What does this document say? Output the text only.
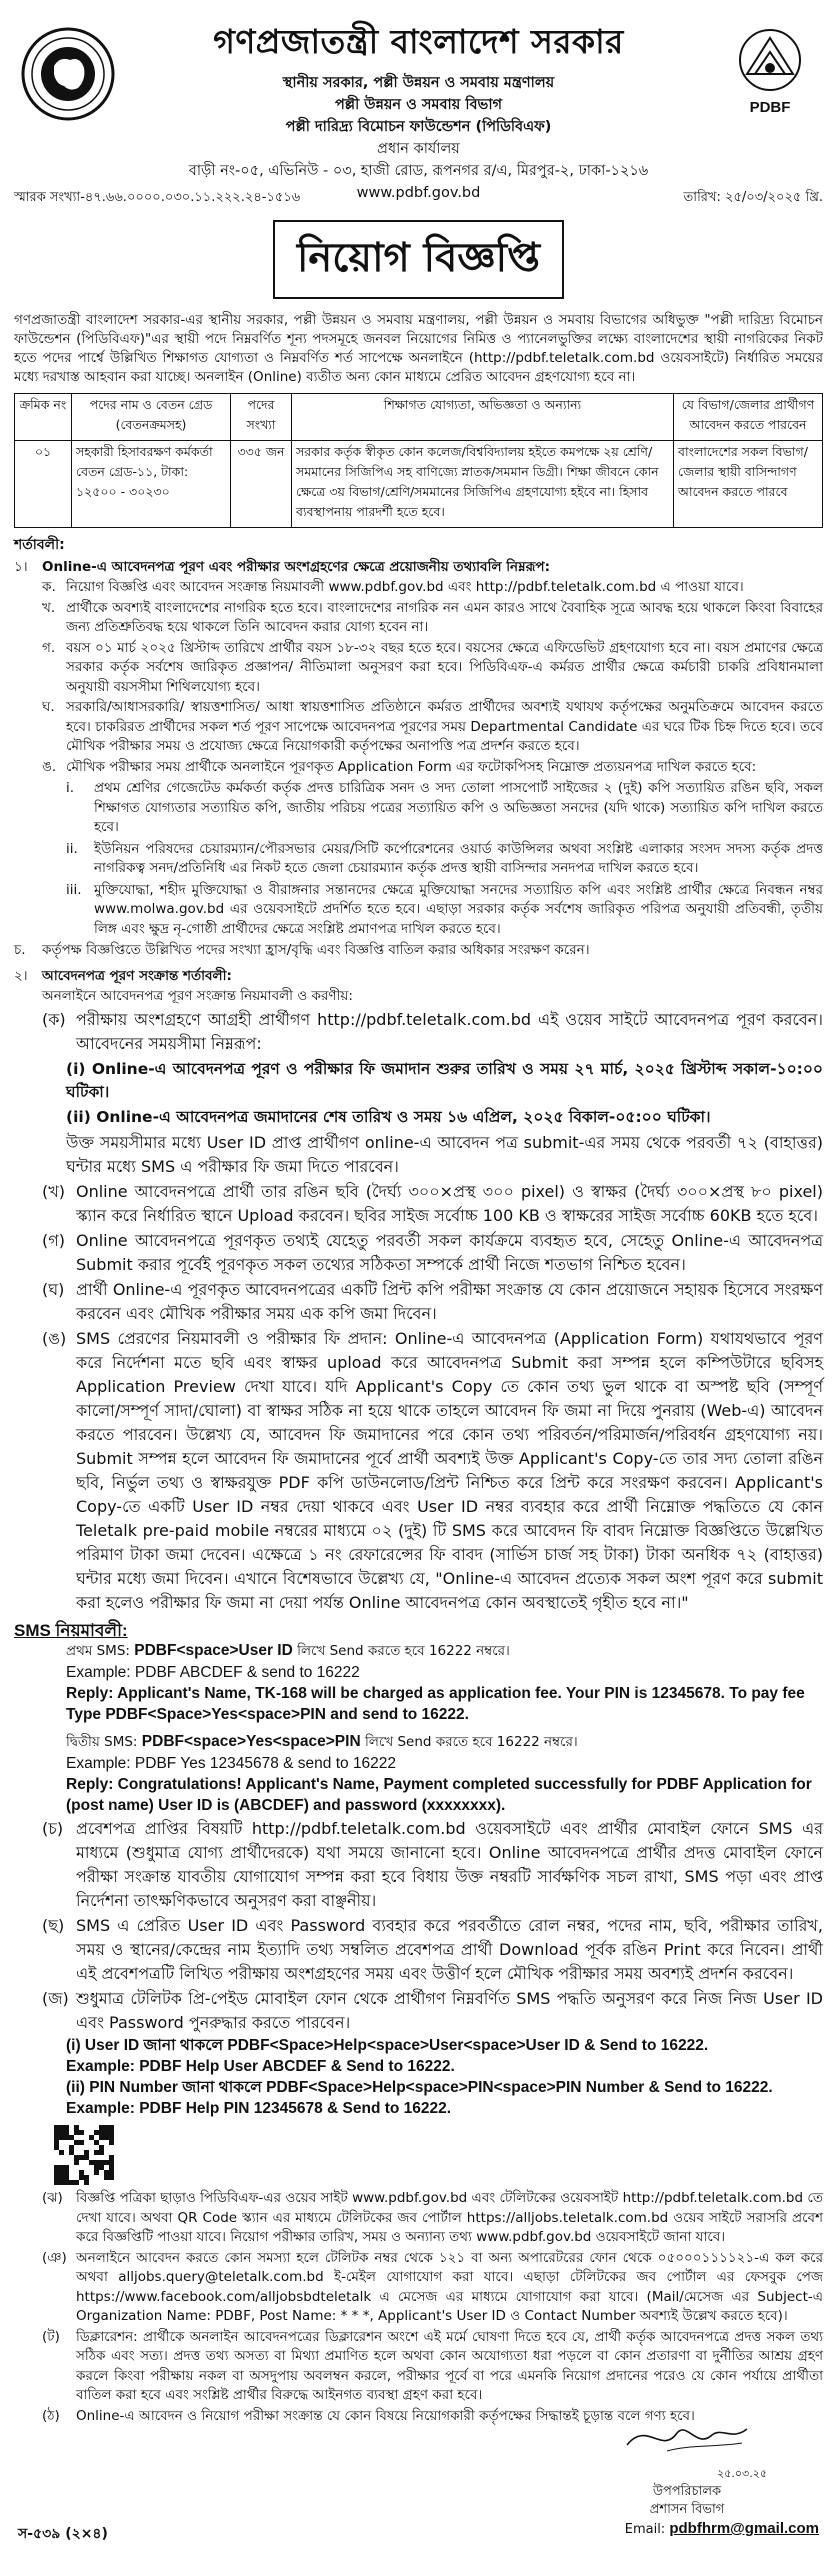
গণপ্রজাতন্ত্রী বাংলাদেশ সরকার
স্থানীয় সরকার, পল্লী উন্নয়ন ও সমবায় মন্ত্রণালয়
পল্লী উন্নয়ন ও সমবায় বিভাগ
পল্লী দারিদ্র্য বিমোচন ফাউন্ডেশন (পিডিবিএফ)
প্রধান কার্যালয়
বাড়ী নং-০৫, এভিনিউ - ০৩, হাজী রোড, রূপনগর র/এ, মিরপুর-২, ঢাকা-১২১৬
www.pdbf.gov.bd
PDBF
স্মারক সংখ্যা-৪৭.৬৬.০০০০.০৩০.১১.২২২.২৪-১৫১৬	তারিখ: ২৫/০৩/২০২৫ খ্রি.
নিয়োগ বিজ্ঞপ্তি
গণপ্রজাতন্ত্রী বাংলাদেশ সরকার-এর স্থানীয় সরকার, পল্লী উন্নয়ন ও সমবায় মন্ত্রণালয়, পল্লী উন্নয়ন ও সমবায় বিভাগের অধিভুক্ত "পল্লী দারিদ্র্য বিমোচন ফাউন্ডেশন (পিডিবিএফ)"এর স্থায়ী পদে নিম্নবর্ণিত শূন্য পদসমূহে জনবল নিয়োগের নিমিত্ত ও প্যানেলভুক্তির লক্ষ্যে বাংলাদেশের স্থায়ী নাগরিকের নিকট হতে পদের পার্শ্বে উল্লিখিত শিক্ষাগত যোগ্যতা ও নিম্নবর্ণিত শর্ত সাপেক্ষে অনলাইনে (http://pdbf.teletalk.com.bd ওয়েবসাইটে) নির্ধারিত সময়ের মধ্যে দরখাস্ত আহবান করা যাচ্ছে। অনলাইন (Online) ব্যতীত অন্য কোন মাধ্যমে প্রেরিত আবেদন গ্রহণযোগ্য হবে না।
ক্রমিক নং	পদের নাম ও বেতন গ্রেড (বেতনক্রমসহ)	পদের সংখ্যা	শিক্ষাগত যোগ্যতা, অভিজ্ঞতা ও অন্যান্য	যে বিভাগ/জেলার প্রার্থীগণ আবেদন করতে পারবেন
০১	সহকারী হিসাবরক্ষণ কর্মকর্তা বেতন গ্রেড-১১, টাকা: ১২৫০০ - ৩০২৩০	৩৩৫ জন	সরকার কর্তৃক স্বীকৃত কোন কলেজ/বিশ্ববিদ্যালয় হইতে কমপক্ষে ২য় শ্রেণি/সমমানের সিজিপিএ সহ বাণিজ্যে স্নাতক/সমমান ডিগ্রী। শিক্ষা জীবনে কোন ক্ষেত্রে ৩য় বিভাগ/শ্রেণি/সমমানের সিজিপিএ গ্রহণযোগ্য হইবে না। হিসাব ব্যবস্থাপনায় পারদর্শী হতে হবে।	বাংলাদেশের সকল বিভাগ/জেলার স্থায়ী বাসিন্দাগণ আবেদন করতে পারবে
শর্তাবলী:
১।	Online-এ আবেদনপত্র পূরণ এবং পরীক্ষার অংশগ্রহণের ক্ষেত্রে প্রয়োজনীয় তথ্যাবলি নিম্নরূপ:
ক. নিয়োগ বিজ্ঞপ্তি এবং আবেদন সংক্রান্ত নিয়মাবলী www.pdbf.gov.bd এবং http://pdbf.teletalk.com.bd এ পাওয়া যাবে।
খ. প্রার্থীকে অবশ্যই বাংলাদেশের নাগরিক হতে হবে। বাংলাদেশের নাগরিক নন এমন কারও সাথে বৈবাহিক সূত্রে আবদ্ধ হয়ে থাকলে কিংবা বিবাহের জন্য প্রতিশ্রুতিবদ্ধ হয়ে থাকলে তিনি আবেদন করার যোগ্য হবেন না।
গ. বয়স ০১ মার্চ ২০২৫ খ্রিস্টাব্দ তারিখে প্রার্থীর বয়স ১৮-৩২ বছর হতে হবে। বয়সের ক্ষেত্রে এফিডেভিট গ্রহণযোগ্য হবে না। বয়স প্রমাণের ক্ষেত্রে সরকার কর্তৃক সর্বশেষ জারিকৃত প্রজ্ঞাপন/ নীতিমালা অনুসরণ করা হবে। পিডিবিএফ-এ কর্মরত প্রার্থীর ক্ষেত্রে কর্মচারী চাকরি প্রবিধানমালা অনুযায়ী বয়সসীমা শিথিলযোগ্য হবে।
ঘ. সরকারি/আধাসরকারি/ স্বায়ত্তশাসিত/ আধা স্বায়ত্তশাসিত প্রতিষ্ঠানে কর্মরত প্রার্থীদের অবশ্যই যথাযথ কর্তৃপক্ষের অনুমতিক্রমে আবেদন করতে হবে। চাকরিরত প্রার্থীদের সকল শর্ত পূরণ সাপেক্ষে আবেদনপত্র পূরণের সময় Departmental Candidate এর ঘরে টিক চিহ্ন দিতে হবে। তবে মৌখিক পরীক্ষার সময় ও প্রযোজ্য ক্ষেত্রে নিয়োগকারী কর্তৃপক্ষের অনাপত্তি পত্র প্রদর্শন করতে হবে।
ঙ. মৌখিক পরীক্ষার সময় প্রার্থীকে অনলাইনে পূরণকৃত Application Form এর ফটোকপিসহ নিম্নোক্ত প্রত্যয়নপত্র দাখিল করতে হবে:
i.	প্রথম শ্রেণির গেজেটেড কর্মকর্তা কর্তৃক প্রদত্ত চারিত্রিক সনদ ও সদ্য তোলা পাসপোর্ট সাইজের ২ (দুই) কপি সত্যায়িত রঙিন ছবি, সকল শিক্ষাগত যোগ্যতার সত্যায়িত কপি, জাতীয় পরিচয় পত্রের সত্যায়িত কপি ও অভিজ্ঞতা সনদের (যদি থাকে) সত্যায়িত কপি দাখিল করতে হবে।
ii.	ইউনিয়ন পরিষদের চেয়ারম্যান/পৌরসভার মেয়র/সিটি কর্পোরেশনের ওয়ার্ড কাউন্সিলর অথবা সংশ্লিষ্ট এলাকার সংসদ সদস্য কর্তৃক প্রদত্ত নাগরিকত্ব সনদ/প্রতিনিধি এর নিকট হতে জেলা চেয়ারম্যান কর্তৃক প্রদত্ত স্থায়ী বাসিন্দার সনদপত্র দাখিল করতে হবে।
iii. মুক্তিযোদ্ধা, শহীদ মুক্তিযোদ্ধা ও বীরাঙ্গনার সন্তানদের ক্ষেত্রে মুক্তিযোদ্ধা সনদের সত্যায়িত কপি এবং সংশ্লিষ্ট প্রার্থীর ক্ষেত্রে নিবন্ধন নম্বর www.molwa.gov.bd এর ওয়েবসাইটে প্রদর্শিত হতে হবে। এছাড়া সরকার কর্তৃক সর্বশেষ জারিকৃত পরিপত্র অনুযায়ী প্রতিবন্ধী, তৃতীয় লিঙ্গ এবং ক্ষুদ্র নৃ-গোষ্ঠী প্রার্থীদের ক্ষেত্রে সংশ্লিষ্ট প্রমাণপত্র দাখিল করতে হবে।
চ.	কর্তৃপক্ষ বিজ্ঞপ্তিতে উল্লিখিত পদের সংখ্যা হ্রাস/বৃদ্ধি এবং বিজ্ঞপ্তি বাতিল করার অধিকার সংরক্ষণ করেন।
২।	আবেদনপত্র পূরণ সংক্রান্ত শর্তাবলী:
অনলাইনে আবেদনপত্র পূরণ সংক্রান্ত নিয়মাবলী ও করণীয়:
(ক) পরীক্ষায় অংশগ্রহণে আগ্রহী প্রার্থীগণ http://pdbf.teletalk.com.bd এই ওয়েব সাইটে আবেদনপত্র পূরণ করবেন। আবেদনের সময়সীমা নিম্নরূপ:
(i) Online-এ আবেদনপত্র পূরণ ও পরীক্ষার ফি জমাদান শুরুর তারিখ ও সময় ২৭ মার্চ, ২০২৫ খ্রিস্টাব্দ সকাল-১০:০০ ঘটিকা।
(ii) Online-এ আবেদনপত্র জমাদানের শেষ তারিখ ও সময় ১৬ এপ্রিল, ২০২৫ বিকাল-০৫:০০ ঘটিকা।
উক্ত সময়সীমার মধ্যে User ID প্রাপ্ত প্রার্থীগণ online-এ আবেদন পত্র submit-এর সময় থেকে পরবর্তী ৭২ (বাহাত্তর) ঘন্টার মধ্যে SMS এ পরীক্ষার ফি জমা দিতে পারবেন।
(খ) Online আবেদনপত্রে প্রার্থী তার রঙিন ছবি (দৈর্ঘ্য ৩০০×প্রস্থ ৩০০ pixel) ও স্বাক্ষর (দৈর্ঘ্য ৩০০×প্রস্থ ৮০ pixel) স্ক্যান করে নির্ধারিত স্থানে Upload করবেন। ছবির সাইজ সর্বোচ্চ 100 KB ও স্বাক্ষরের সাইজ সর্বোচ্চ 60KB হতে হবে।
(গ) Online আবেদনপত্রে পূরণকৃত তথ্যই যেহেতু পরবর্তী সকল কার্যক্রমে ব্যবহৃত হবে, সেহেতু Online-এ আবেদনপত্র Submit করার পূর্বেই পূরণকৃত সকল তথ্যের সঠিকতা সম্পর্কে প্রার্থী নিজে শতভাগ নিশ্চিত হবেন।
(ঘ) প্রার্থী Online-এ পূরণকৃত আবেদনপত্রের একটি প্রিন্ট কপি পরীক্ষা সংক্রান্ত যে কোন প্রয়োজনে সহায়ক হিসেবে সংরক্ষণ করবেন এবং মৌখিক পরীক্ষার সময় এক কপি জমা দিবেন।
(ঙ) SMS প্রেরণের নিয়মাবলী ও পরীক্ষার ফি প্রদান: Online-এ আবেদনপত্র (Application Form) যথাযথভাবে পূরণ করে নির্দেশনা মতে ছবি এবং স্বাক্ষর upload করে আবেদনপত্র Submit করা সম্পন্ন হলে কম্পিউটারে ছবিসহ Application Preview দেখা যাবে। যদি Applicant's Copy তে কোন তথ্য ভুল থাকে বা অস্পষ্ট ছবি (সম্পূর্ণ কালো/সম্পূর্ণ সাদা/ঘোলা) বা স্বাক্ষর সঠিক না হয়ে থাকে তাহলে আবেদন ফি জমা না দিয়ে পুনরায় (Web-এ) আবেদন করতে পারবেন। উল্লেখ্য যে, আবেদন ফি জমাদানের পরে কোন তথ্য পরিবর্তন/পরিমার্জন/পরিবর্ধন গ্রহণযোগ্য নয়। Submit সম্পন্ন হলে আবেদন ফি জমাদানের পূর্বে প্রার্থী অবশ্যই উক্ত Applicant's Copy-তে তার সদ্য তোলা রঙিন ছবি, নির্ভুল তথ্য ও স্বাক্ষরযুক্ত PDF কপি ডাউনলোড/প্রিন্ট নিশ্চিত করে প্রিন্ট করে সংরক্ষণ করবেন। Applicant's Copy-তে একটি User ID নম্বর দেয়া থাকবে এবং User ID নম্বর ব্যবহার করে প্রার্থী নিম্নোক্ত পদ্ধতিতে যে কোন Teletalk pre-paid mobile নম্বরের মাধ্যমে ০২ (দুই) টি SMS করে আবেদন ফি বাবদ নিম্নোক্ত বিজ্ঞপ্তিতে উল্লেখিত পরিমাণ টাকা জমা দেবেন। এক্ষেত্রে ১ নং রেফারেন্সের ফি বাবদ (সার্ভিস চার্জ সহ টাকা) টাকা অনধিক ৭২ (বাহাত্তর) ঘন্টার মধ্যে জমা দিবেন। এখানে বিশেষভাবে উল্লেখ্য যে, "Online-এ আবেদন প্রত্যেক সকল অংশ পূরণ করে submit করা হলেও পরীক্ষার ফি জমা না দেয়া পর্যন্ত Online আবেদনপত্র কোন অবস্থাতেই গৃহীত হবে না।"
SMS নিয়মাবলী:
প্রথম SMS: PDBF<space>User ID লিখে Send করতে হবে 16222 নম্বরে।
Example: PDBF ABCDEF & send to 16222
Reply: Applicant's Name, TK-168 will be charged as application fee. Your PIN is 12345678. To pay fee Type PDBF<Space>Yes<space>PIN and send to 16222.
দ্বিতীয় SMS: PDBF<space>Yes<space>PIN লিখে Send করতে হবে 16222 নম্বরে।
Example: PDBF Yes 12345678 & send to 16222
Reply: Congratulations! Applicant's Name, Payment completed successfully for PDBF Application for (post name) User ID is (ABCDEF) and password (xxxxxxxx).
(চ) প্রবেশপত্র প্রাপ্তির বিষয়টি http://pdbf.teletalk.com.bd ওয়েবসাইটে এবং প্রার্থীর মোবাইল ফোনে SMS এর মাধ্যমে (শুধুমাত্র যোগ্য প্রার্থীদেরকে) যথা সময়ে জানানো হবে। Online আবেদনপত্রে প্রার্থীর প্রদত্ত মোবাইল ফোনে পরীক্ষা সংক্রান্ত যাবতীয় যোগাযোগ সম্পন্ন করা হবে বিধায় উক্ত নম্বরটি সার্বক্ষণিক সচল রাখা, SMS পড়া এবং প্রাপ্ত নির্দেশনা তাৎক্ষণিকভাবে অনুসরণ করা বাঞ্ছনীয়।
(ছ) SMS এ প্রেরিত User ID এবং Password ব্যবহার করে পরবর্তীতে রোল নম্বর, পদের নাম, ছবি, পরীক্ষার তারিখ, সময় ও স্থানের/কেন্দ্রের নাম ইত্যাদি তথ্য সম্বলিত প্রবেশপত্র প্রার্থী Download পূর্বক রঙিন Print করে নিবেন। প্রার্থী এই প্রবেশপত্রটি লিখিত পরীক্ষায় অংশগ্রহণের সময় এবং উত্তীর্ণ হলে মৌখিক পরীক্ষার সময় অবশ্যই প্রদর্শন করবেন।
(জ) শুধুমাত্র টেলিটক প্রি-পেইড মোবাইল ফোন থেকে প্রার্থীগণ নিম্নবর্ণিত SMS পদ্ধতি অনুসরণ করে নিজ নিজ User ID এবং Password পুনরুদ্ধার করতে পারবেন।
(i) User ID জানা থাকলে PDBF<Space>Help<space>User<space>User ID & Send to 16222.
Example: PDBF Help User ABCDEF & Send to 16222.
(ii) PIN Number জানা থাকলে PDBF<Space>Help<space>PIN<space>PIN Number & Send to 16222.
Example: PDBF Help PIN 12345678 & Send to 16222.
(ঝ) বিজ্ঞপ্তি পত্রিকা ছাড়াও পিডিবিএফ-এর ওয়েব সাইট www.pdbf.gov.bd এবং টেলিটকের ওয়েবসাইট http://pdbf.teletalk.com.bd তে দেখা যাবে। অথবা QR Code স্ক্যান এর মাধ্যমে টেলিটকের জব পোর্টাল https://alljobs.teletalk.com.bd ওয়েব সাইটে সরাসরি প্রবেশ করে বিজ্ঞপ্তিটি পাওয়া যাবে। নিয়োগ পরীক্ষার তারিখ, সময় ও অন্যান্য তথ্য www.pdbf.gov.bd ওয়েবসাইটে জানা যাবে।
(ঞ) অনলাইনে আবেদন করতে কোন সমস্যা হলে টেলিটক নম্বর থেকে ১২১ বা অন্য অপারেটরের ফোন থেকে ০৫০০০১১১১২১-এ কল করে অথবা alljobs.query@teletalk.com.bd ই-মেইল যোগাযোগ করা যাবে। এছাড়া টেলিটকের জব পোর্টাল এর ফেসবুক পেজ https://www.facebook.com/alljobsbdteletalk এ মেসেজ এর মাধ্যমে যোগাযোগ করা যাবে। (Mail/মেসেজ এর Subject-এ Organization Name: PDBF, Post Name: * * *, Applicant's User ID ও Contact Number অবশ্যই উল্লেখ করতে হবে)।
(ট)	ডিক্লারেশন: প্রার্থীকে অনলাইন আবেদনপত্রের ডিক্লারেশন অংশে এই মর্মে ঘোষণা দিতে হবে যে, প্রার্থী কর্তৃক আবেদনপত্রে প্রদত্ত সকল তথ্য সঠিক এবং সত্য। প্রদত্ত তথ্য অসত্য বা মিথ্যা প্রমাণিত হলে অথবা কোন অযোগ্যতা ধরা পড়লে বা কোন প্রতারণা বা দুর্নীতির আশ্রয় গ্রহণ করলে কিংবা পরীক্ষায় নকল বা অসদুপায় অবলম্বন করলে, পরীক্ষার পূর্বে বা পরে এমনকি নিয়োগ প্রদানের পরেও যে কোন পর্যায়ে প্রার্থীতা বাতিল করা হবে এবং সংশ্লিষ্ট প্রার্থীর বিরুদ্ধে আইনগত ব্যবস্থা গ্রহণ করা হবে।
(ঠ)	Online-এ আবেদন ও নিয়োগ পরীক্ষা সংক্রান্ত যে কোন বিষয়ে নিয়োগকারী কর্তৃপক্ষের সিদ্ধান্তই চূড়ান্ত বলে গণ্য হবে।
২৫.০৩.২৫
উপপরিচালক
প্রশাসন বিভাগ
স-৫৩৯ (২×৪)	Email: pdbfhrm@gmail.com
